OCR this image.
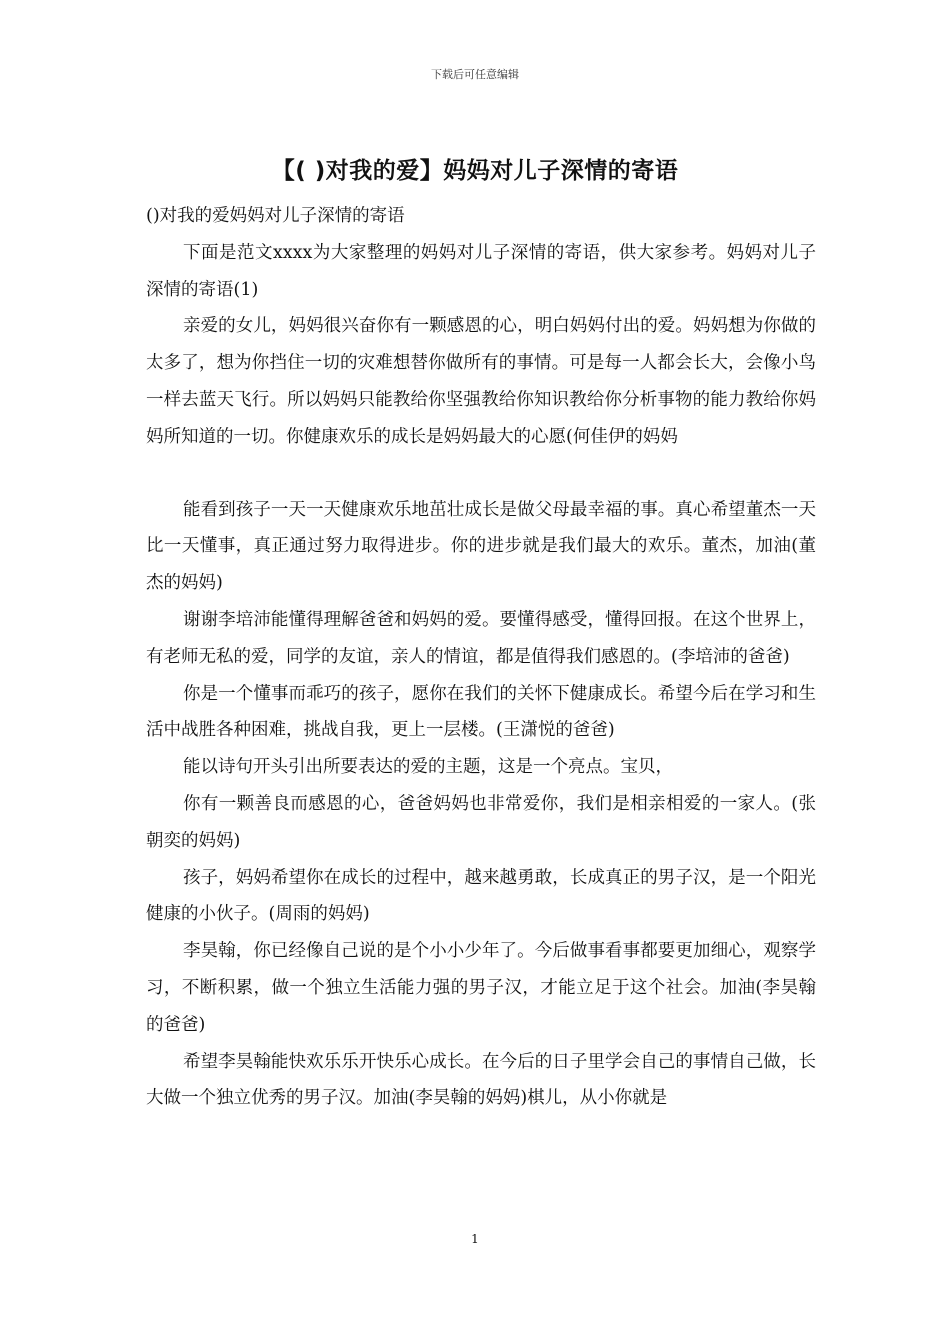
下载后可任意编辑
【( )对我的爱】妈妈对儿子深情的寄语

()对我的爱妈妈对儿子深情的寄语

下面是范文xxxx为大家整理的妈妈对儿子深情的寄语，供大家参考。妈妈对儿子深情的寄语(1)

亲爱的女儿，妈妈很兴奋你有一颗感恩的心，明白妈妈付出的爱。妈妈想为你做的太多了，想为你挡住一切的灾难想替你做所有的事情。可是每一人都会长大，会像小鸟一样去蓝天飞行。所以妈妈只能教给你坚强教给你知识教给你分析事物的能力教给你妈妈所知道的一切。你健康欢乐的成长是妈妈最大的心愿(何佳伊的妈妈

能看到孩子一天一天健康欢乐地茁壮成长是做父母最幸福的事。真心希望董杰一天比一天懂事，真正通过努力取得进步。你的进步就是我们最大的欢乐。董杰，加油(董杰的妈妈)

谢谢李培沛能懂得理解爸爸和妈妈的爱。要懂得感受，懂得回报。在这个世界上，有老师无私的爱，同学的友谊，亲人的情谊，都是值得我们感恩的。(李培沛的爸爸)

你是一个懂事而乖巧的孩子，愿你在我们的关怀下健康成长。希望今后在学习和生活中战胜各种困难，挑战自我，更上一层楼。(王潇悦的爸爸)

能以诗句开头引出所要表达的爱的主题，这是一个亮点。宝贝，

你有一颗善良而感恩的心，爸爸妈妈也非常爱你，我们是相亲相爱的一家人。(张朝奕的妈妈)

孩子，妈妈希望你在成长的过程中，越来越勇敢，长成真正的男子汉，是一个阳光健康的小伙子。(周雨的妈妈)

李昊翰，你已经像自己说的是个小小少年了。今后做事看事都要更加细心，观察学习，不断积累，做一个独立生活能力强的男子汉，才能立足于这个社会。加油(李昊翰的爸爸)

希望李昊翰能快欢乐乐开快乐心成长。在今后的日子里学会自己的事情自己做，长大做一个独立优秀的男子汉。加油(李昊翰的妈妈)棋儿，从小你就是

1
